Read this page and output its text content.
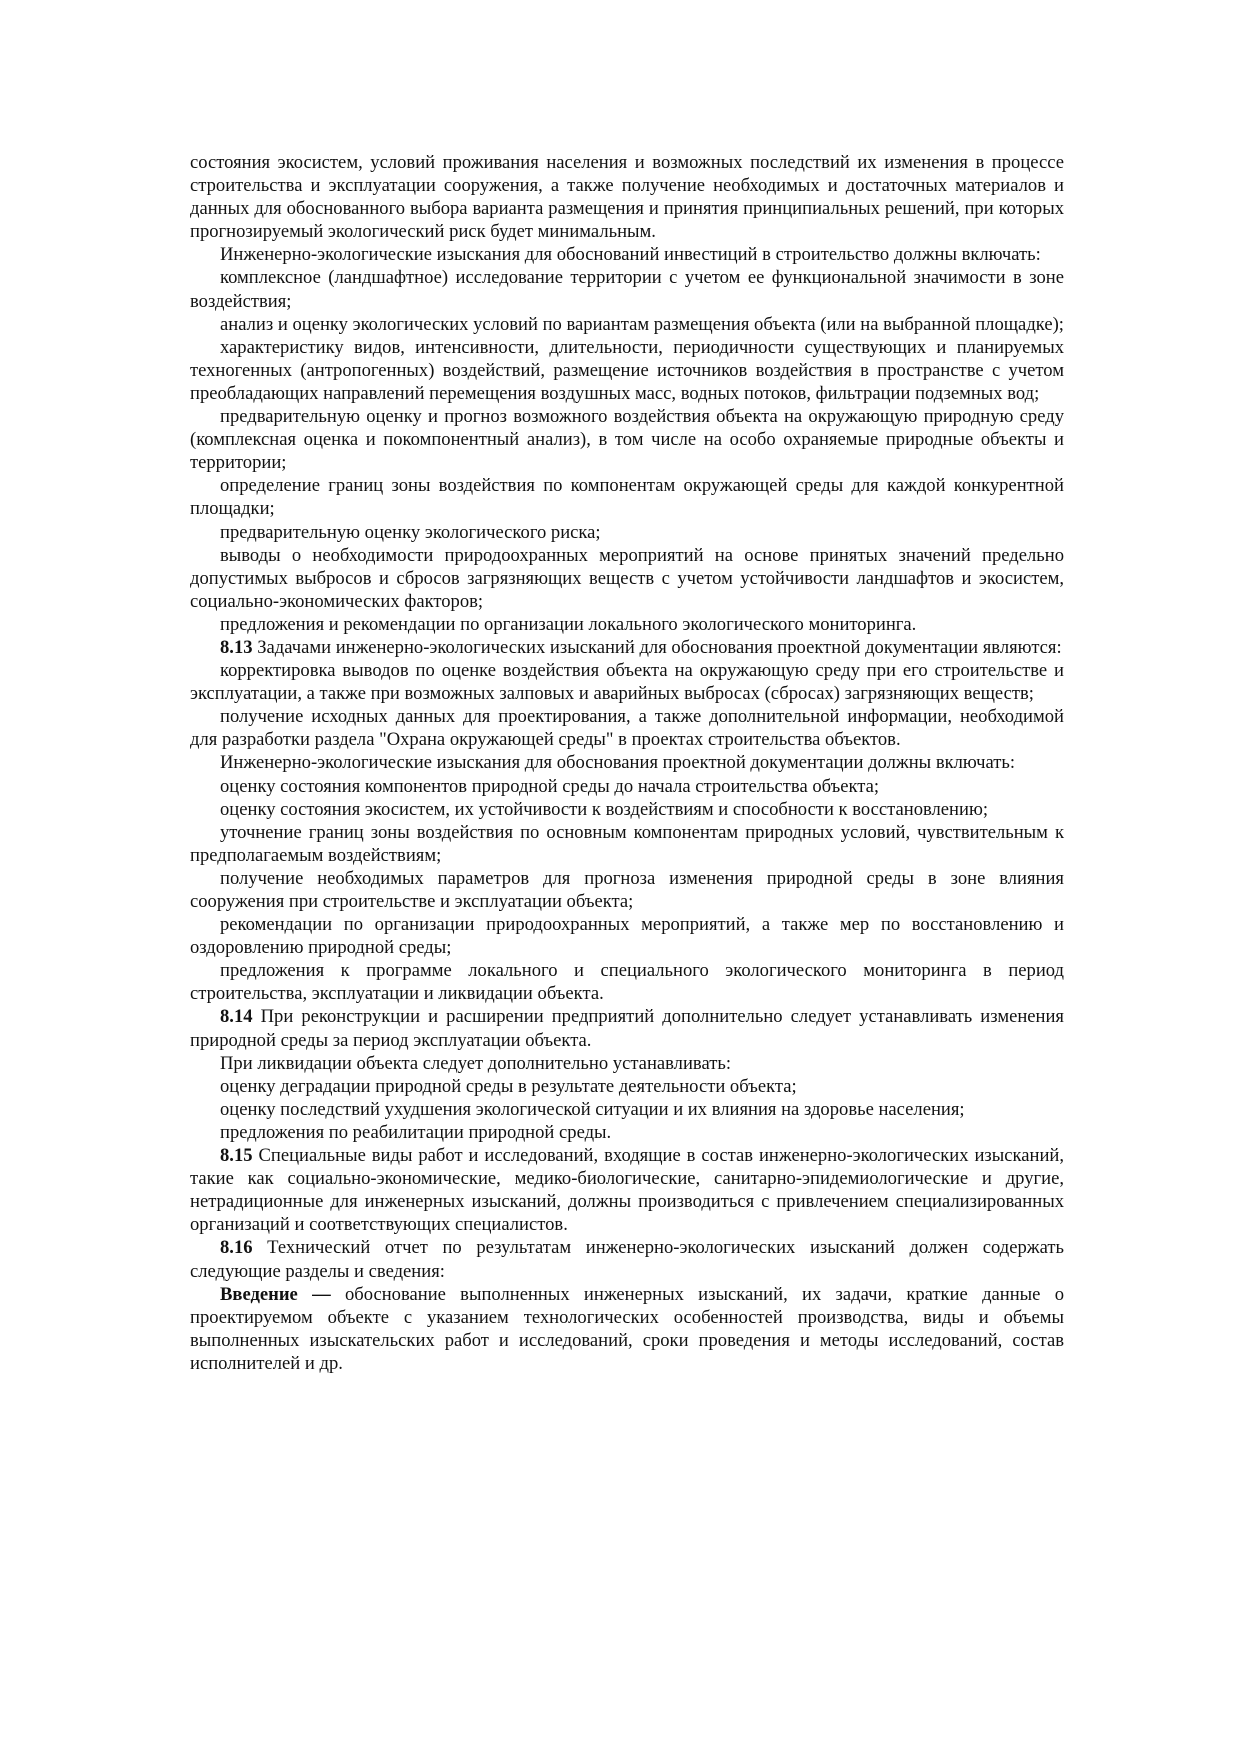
состояния экосистем, условий проживания населения и возможных последствий их изменения в процессе строительства и эксплуатации сооружения, а также получение необходимых и достаточных материалов и данных для обоснованного выбора варианта размещения и принятия принципиальных решений, при которых прогнозируемый экологический риск будет минимальным.

Инженерно-экологические изыскания для обоснований инвестиций в строительство должны включать:

комплексное (ландшафтное) исследование территории с учетом ее функциональной значимости в зоне воздействия;

анализ и оценку экологических условий по вариантам размещения объекта (или на выбранной площадке);

характеристику видов, интенсивности, длительности, периодичности существующих и планируемых техногенных (антропогенных) воздействий, размещение источников воздействия в пространстве с учетом преобладающих направлений перемещения воздушных масс, водных потоков, фильтрации подземных вод;

предварительную оценку и прогноз возможного воздействия объекта на окружающую природную среду (комплексная оценка и покомпонентный анализ), в том числе на особо охраняемые природные объекты и территории;

определение границ зоны воздействия по компонентам окружающей среды для каждой конкурентной площадки;

предварительную оценку экологического риска;

выводы о необходимости природоохранных мероприятий на основе принятых значений предельно допустимых выбросов и сбросов загрязняющих веществ с учетом устойчивости ландшафтов и экосистем, социально-экономических факторов;

предложения и рекомендации по организации локального экологического мониторинга.

8.13 Задачами инженерно-экологических изысканий для обоснования проектной документации являются:

корректировка выводов по оценке воздействия объекта на окружающую среду при его строительстве и эксплуатации, а также при возможных залповых и аварийных выбросах (сбросах) загрязняющих веществ;

получение исходных данных для проектирования, а также дополнительной информации, необходимой для разработки раздела "Охрана окружающей среды" в проектах строительства объектов.

Инженерно-экологические изыскания для обоснования проектной документации должны включать:

оценку состояния компонентов природной среды до начала строительства объекта;

оценку состояния экосистем, их устойчивости к воздействиям и способности к восстановлению;

уточнение границ зоны воздействия по основным компонентам природных условий, чувствительным к предполагаемым воздействиям;

получение необходимых параметров для прогноза изменения природной среды в зоне влияния сооружения при строительстве и эксплуатации объекта;

рекомендации по организации природоохранных мероприятий, а также мер по восстановлению и оздоровлению природной среды;

предложения к программе локального и специального экологического мониторинга в период строительства, эксплуатации и ликвидации объекта.

8.14 При реконструкции и расширении предприятий дополнительно следует устанавливать изменения природной среды за период эксплуатации объекта.

При ликвидации объекта следует дополнительно устанавливать:

оценку деградации природной среды в результате деятельности объекта;

оценку последствий ухудшения экологической ситуации и их влияния на здоровье населения;

предложения по реабилитации природной среды.

8.15 Специальные виды работ и исследований, входящие в состав инженерно-экологических изысканий, такие как социально-экономические, медико-биологические, санитарно-эпидемиологические и другие, нетрадиционные для инженерных изысканий, должны производиться с привлечением специализированных организаций и соответствующих специалистов.

8.16 Технический отчет по результатам инженерно-экологических изысканий должен содержать следующие разделы и сведения:

Введение — обоснование выполненных инженерных изысканий, их задачи, краткие данные о проектируемом объекте с указанием технологических особенностей производства, виды и объемы выполненных изыскательских работ и исследований, сроки проведения и методы исследований, состав исполнителей и др.
